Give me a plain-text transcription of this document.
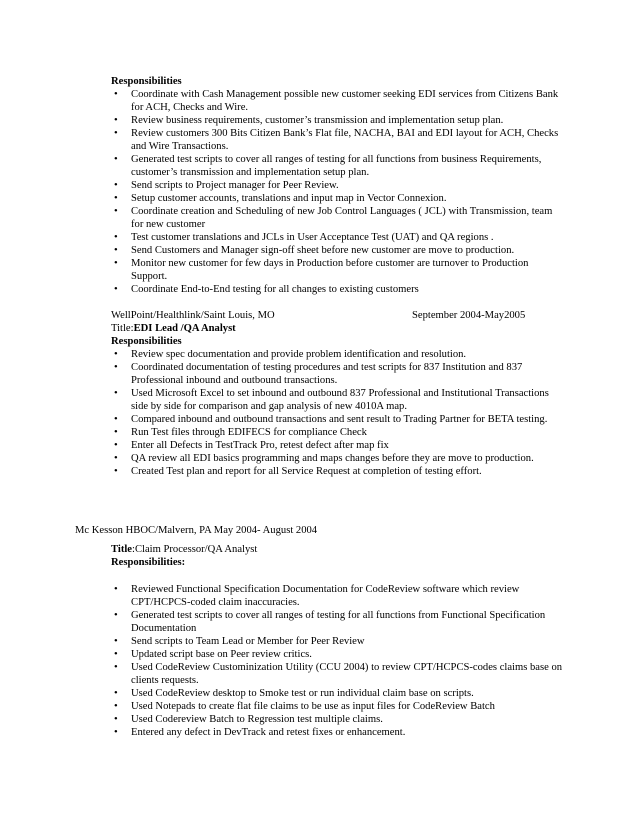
Responsibilities
• Coordinate with Cash Management possible new customer seeking EDI services from Citizens Bank for ACH, Checks and Wire.
• Review business requirements, customer’s transmission and implementation setup plan.
• Review customers 300 Bits Citizen Bank’s Flat file, NACHA, BAI and EDI layout for ACH, Checks and Wire Transactions.
• Generated test scripts to cover all ranges of testing for all functions from business Requirements, customer’s transmission and implementation setup plan.
• Send scripts to Project manager for Peer Review.
• Setup customer accounts, translations and input map in Vector Connexion.
• Coordinate creation and Scheduling of new Job Control Languages ( JCL) with Transmission, team for new customer
• Test customer translations and JCLs in User Acceptance Test (UAT) and QA regions .
• Send Customers and Manager sign-off sheet before new customer are move to production.
• Monitor new customer for few days in Production before customer are turnover to Production Support.
• Coordinate End-to-End testing for all changes to existing customers
WellPoint/Healthlink/Saint Louis, MO	September 2004-May2005
Title:EDI Lead /QA Analyst
Responsibilities
• Review spec documentation and provide problem identification and resolution.
• Coordinated documentation of testing procedures and test scripts for 837 Institution and 837 Professional inbound and outbound transactions.
• Used Microsoft Excel to set inbound and outbound 837 Professional and Institutional Transactions side by side for comparison and gap analysis of new 4010A map.
• Compared inbound and outbound transactions and sent result to Trading Partner for BETA testing.
• Run Test files through EDIFECS for compliance Check
• Enter all Defects in TestTrack Pro, retest defect after map fix
• QA review all EDI basics programming and maps changes before they are move to production.
• Created Test plan and report for all Service Request at completion of testing effort.
Mc Kesson HBOC/Malvern, PA May 2004- August 2004
Title:Claim Processor/QA Analyst
Responsibilities:
• Reviewed Functional Specification Documentation for CodeReview software which review CPT/HCPCS-coded claim inaccuracies.
• Generated test scripts to cover all ranges of testing for all functions from Functional Specification Documentation
• Send scripts to Team Lead or Member for Peer Review
• Updated script base on Peer review critics.
• Used CodeReview Custominization Utility (CCU 2004) to review CPT/HCPCS-codes claims base on clients requests.
• Used CodeReview desktop to Smoke test or run individual claim base on scripts.
• Used Notepads to create flat file claims to be use as input files for CodeReview Batch
• Used Codereview Batch to Regression test multiple claims.
• Entered any defect in DevTrack and retest fixes or enhancement.
